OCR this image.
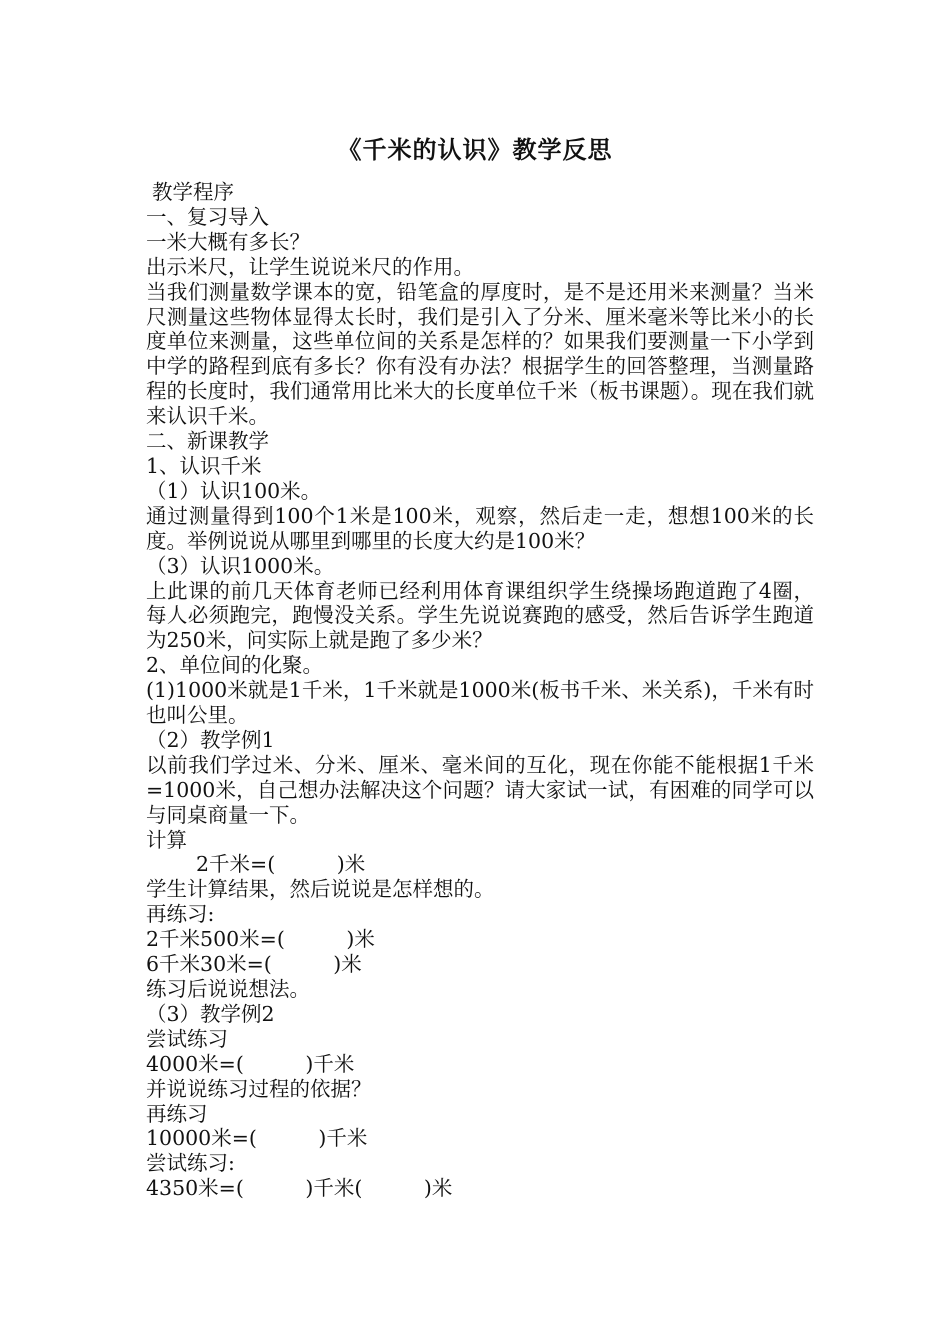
《千米的认识》教学反思

教学程序

一、复习导入

一米大概有多长？

出示米尺，让学生说说米尺的作用。

当我们测量数学课本的宽，铅笔盒的厚度时，是不是还用米来测量？当米尺测量这些物体显得太长时，我们是引入了分米、厘米毫米等比米小的长度单位来测量，这些单位间的关系是怎样的？如果我们要测量一下小学到中学的路程到底有多长？你有没有办法？根据学生的回答整理，当测量路程的长度时，我们通常用比米大的长度单位千米（板书课题）。现在我们就来认识千米。

二、新课教学

1、认识千米

（1）认识100米。

通过测量得到100个1米是100米，观察，然后走一走，想想100米的长度。举例说说从哪里到哪里的长度大约是100米？

（3）认识1000米。

上此课的前几天体育老师已经利用体育课组织学生绕操场跑道跑了4圈，每人必须跑完，跑慢没关系。学生先说说赛跑的感受，然后告诉学生跑道为250米，问实际上就是跑了多少米？

2、单位间的化聚。

(1)1000米就是1千米，1千米就是1000米(板书千米、米关系)，千米有时也叫公里。

（2）教学例1

以前我们学过米、分米、厘米、毫米间的互化，现在你能不能根据1千米=1000米，自己想办法解决这个问题？请大家试一试，有困难的同学可以与同桌商量一下。

计算

2千米=(　　　)米

学生计算结果，然后说说是怎样想的。

再练习:

2千米500米=(　　　)米

6千米30米=(　　　)米

练习后说说想法。

（3）教学例2

尝试练习

4000米=(　　　)千米

并说说练习过程的依据？

再练习

10000米=(　　　)千米

尝试练习:

4350米=(　　　)千米(　　　)米
